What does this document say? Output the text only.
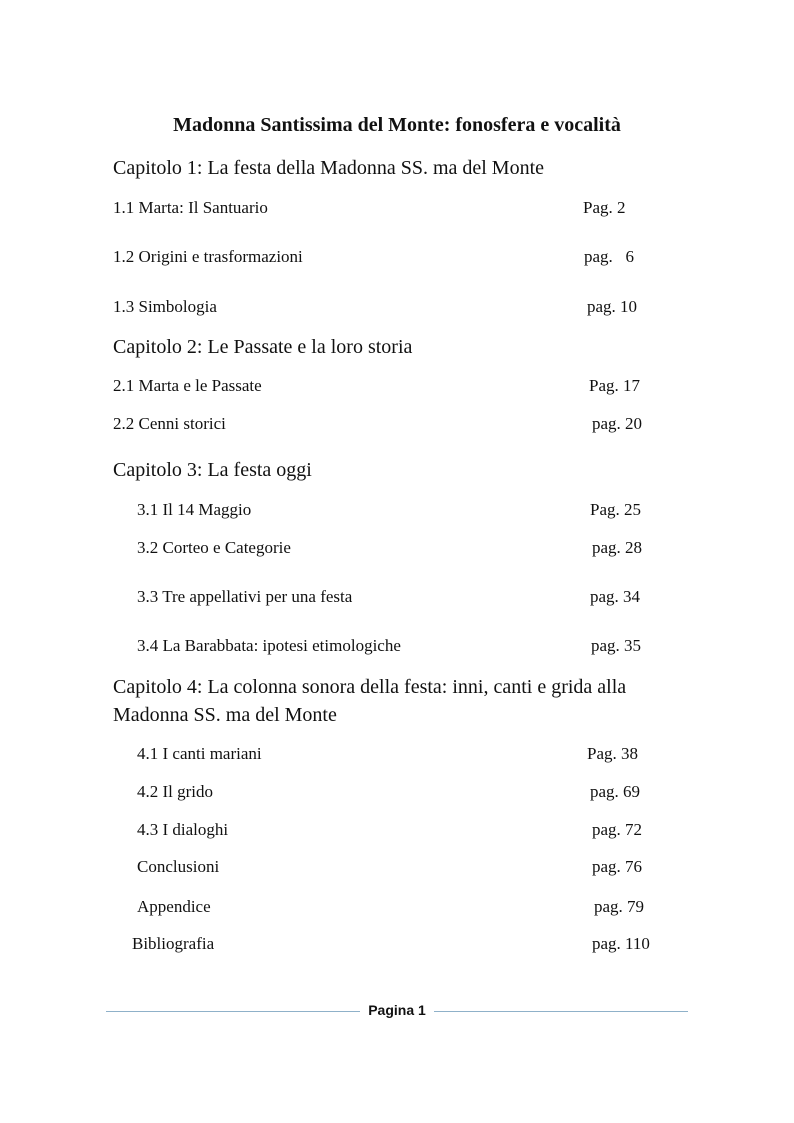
Madonna Santissima del Monte: fonosfera e vocalità

Capitolo 1: La festa della Madonna SS. ma del Monte

1.1 Marta: Il Santuario	Pag. 2
1.2 Origini e trasformazioni	pag.   6
1.3 Simbologia	pag. 10

Capitolo 2: Le Passate e la loro storia

2.1 Marta e le Passate	Pag. 17
2.2 Cenni storici	pag. 20

Capitolo 3: La festa oggi

3.1 Il 14 Maggio	Pag. 25
3.2 Corteo e Categorie	pag. 28
3.3 Tre appellativi per una festa	pag. 34
3.4 La Barabbata: ipotesi etimologiche	pag. 35

Capitolo 4: La colonna sonora della festa: inni, canti e grida alla

Madonna SS. ma del Monte

4.1 I canti mariani	Pag. 38
4.2 Il grido	pag. 69
4.3 I dialoghi	pag. 72
Conclusioni	pag. 76
Appendice	pag. 79
Bibliografia	pag. 110
Pagina 1
